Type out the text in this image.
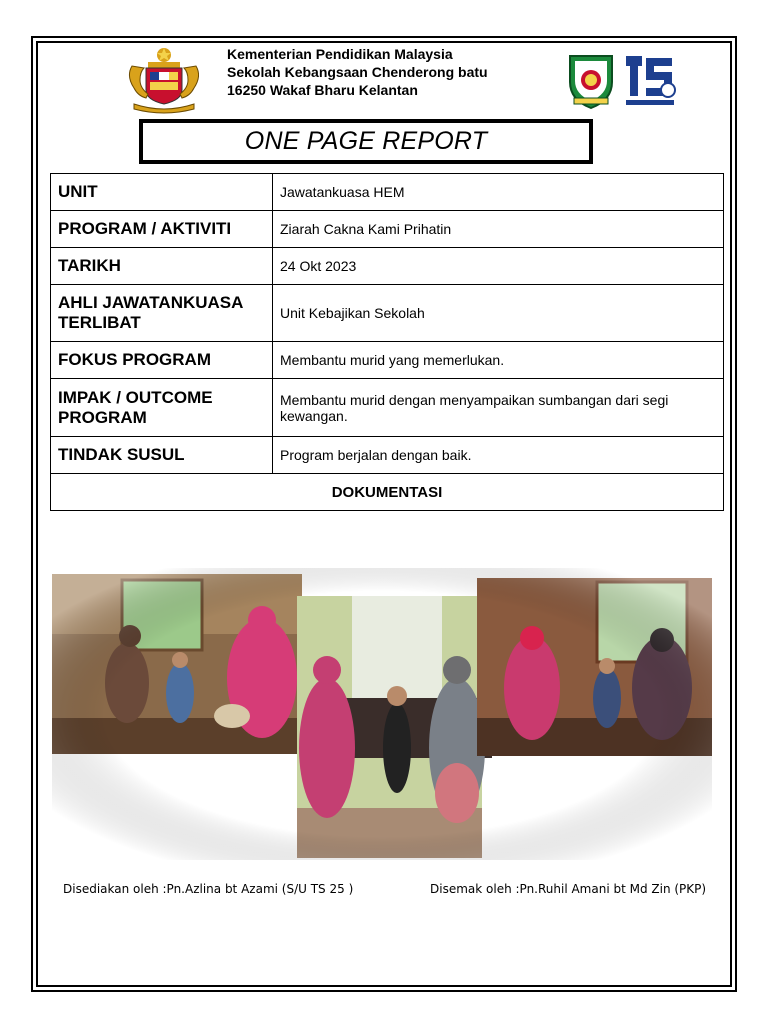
Kementerian Pendidikan Malaysia
Sekolah Kebangsaan Chenderong batu
16250 Wakaf Bharu Kelantan
ONE PAGE REPORT
UNIT	Jawatankuasa HEM
PROGRAM / AKTIVITI	Ziarah Cakna Kami Prihatin
TARIKH	24 Okt 2023
AHLI JAWATANKUASA TERLIBAT	Unit Kebajikan Sekolah
FOKUS PROGRAM	Membantu murid yang memerlukan.
IMPAK / OUTCOME PROGRAM	Membantu murid dengan menyampaikan sumbangan dari segi kewangan.
TINDAK SUSUL	Program berjalan dengan baik.
DOKUMENTASI	
Disediakan oleh :Pn.Azlina bt Azami (S/U TS 25 )	Disemak oleh :Pn.Ruhil Amani bt Md Zin (PKP)
